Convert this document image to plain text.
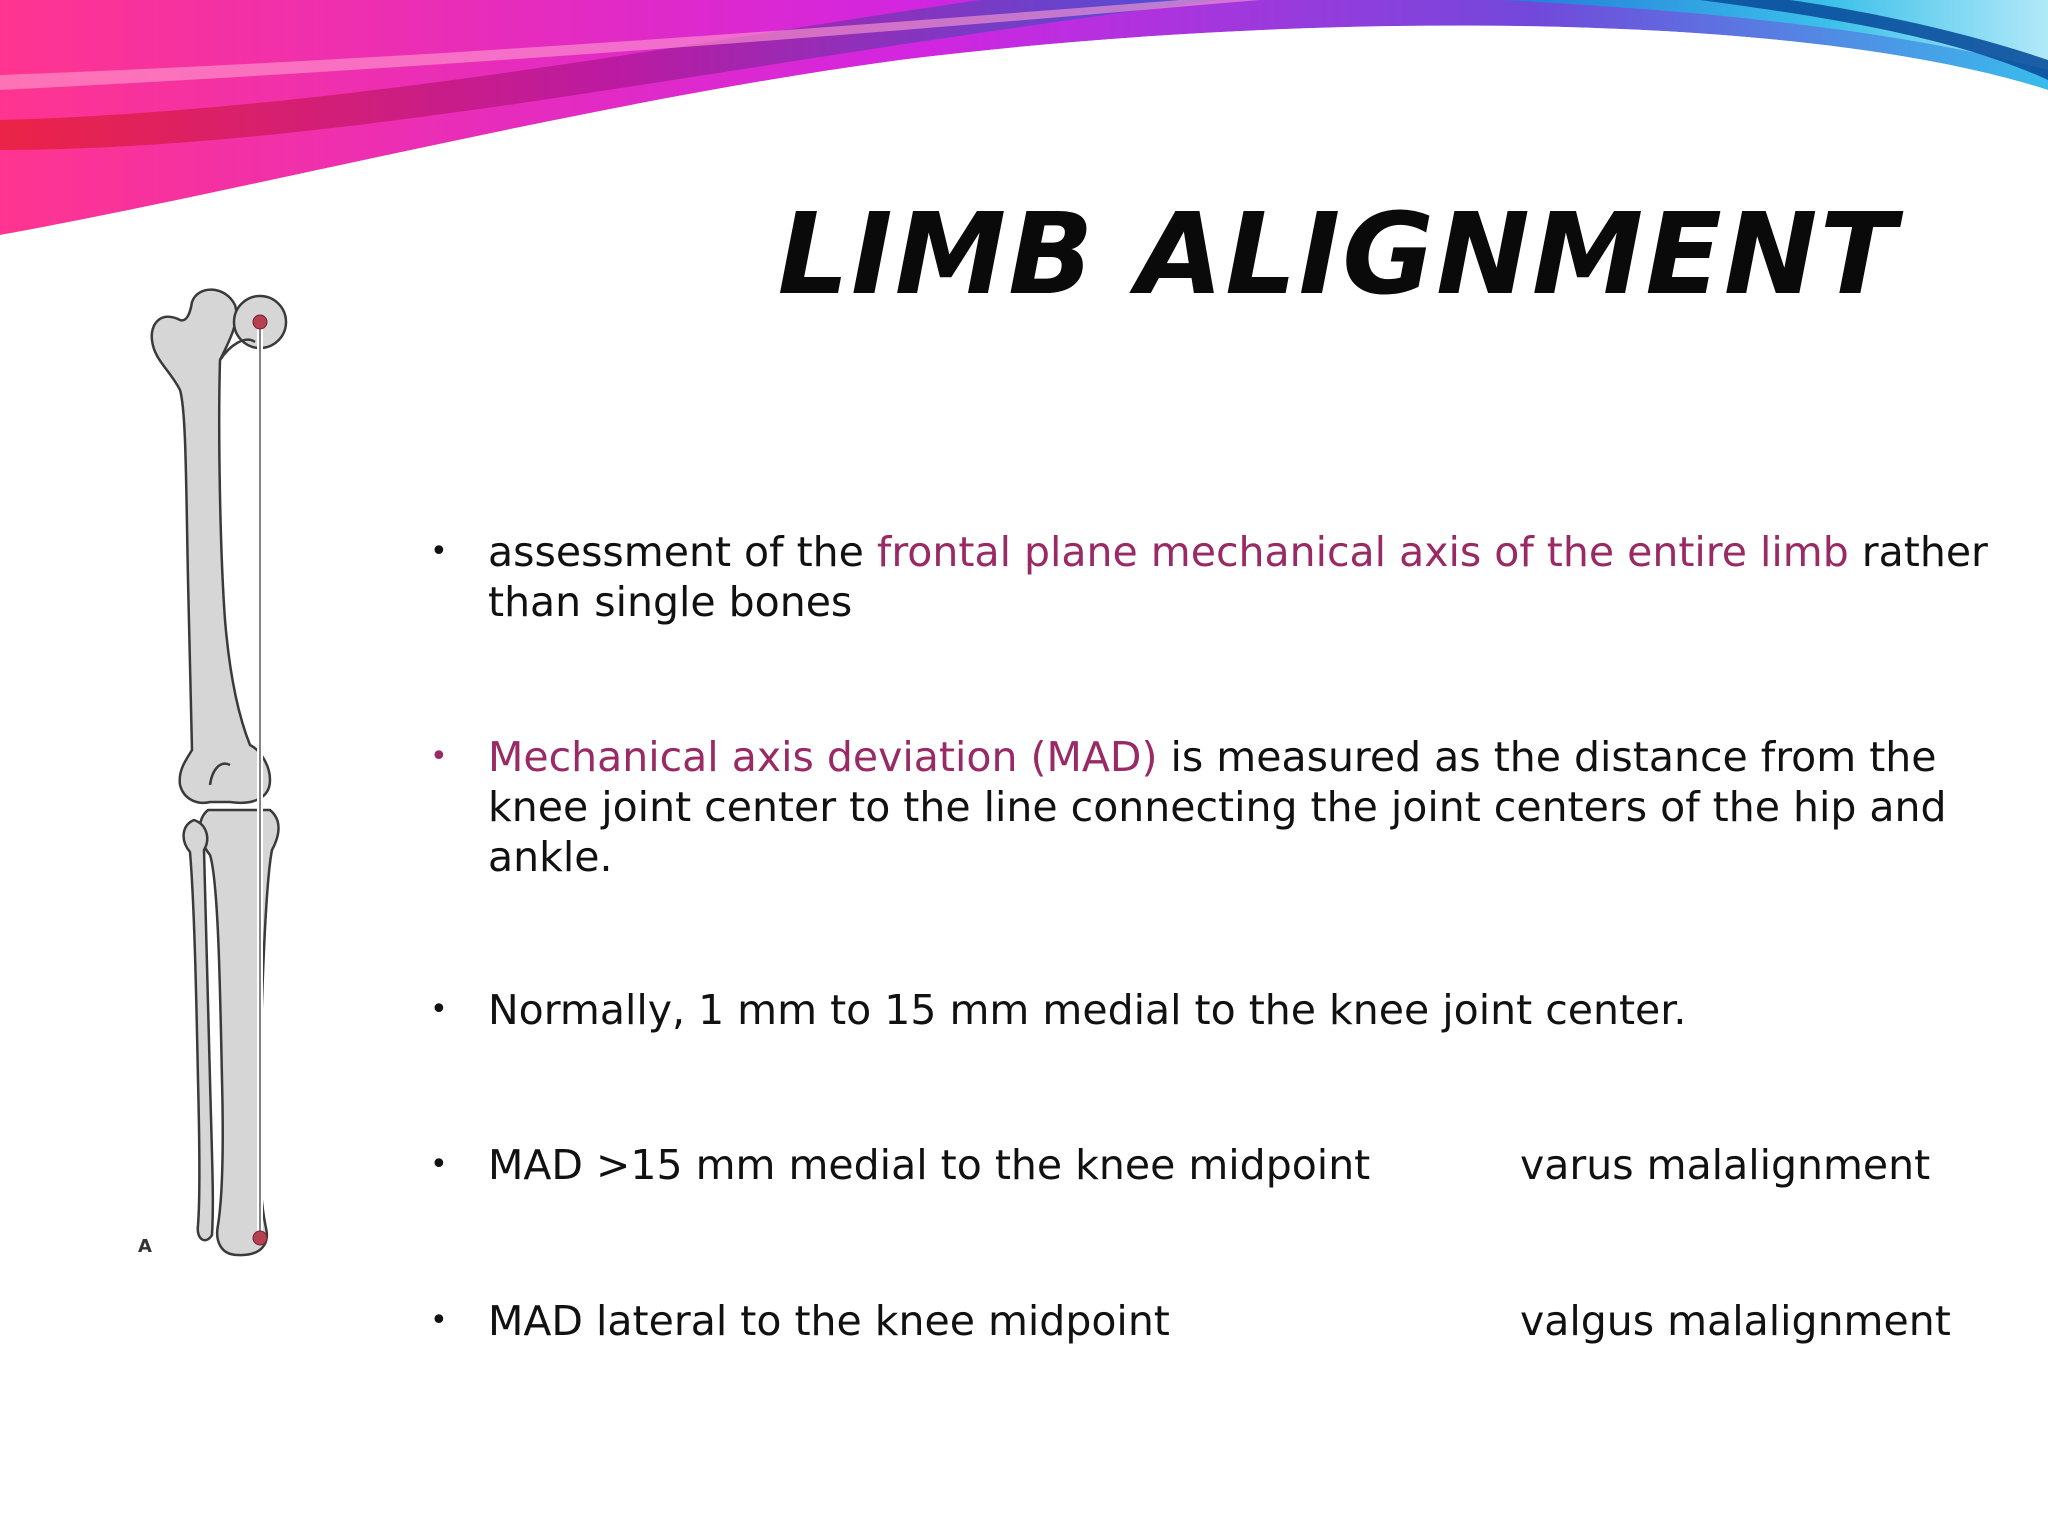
LIMB ALIGNMENT
A
• assessment of the frontal plane mechanical axis of the entire limb rather than single bones
• Mechanical axis deviation (MAD) is measured as the distance from the knee joint center to the line connecting the joint centers of the hip and ankle.
• Normally, 1 mm to 15 mm medial to the knee joint center.
• MAD >15 mm medial to the knee midpoint	varus malalignment
• MAD lateral to the knee midpoint	valgus malalignment
